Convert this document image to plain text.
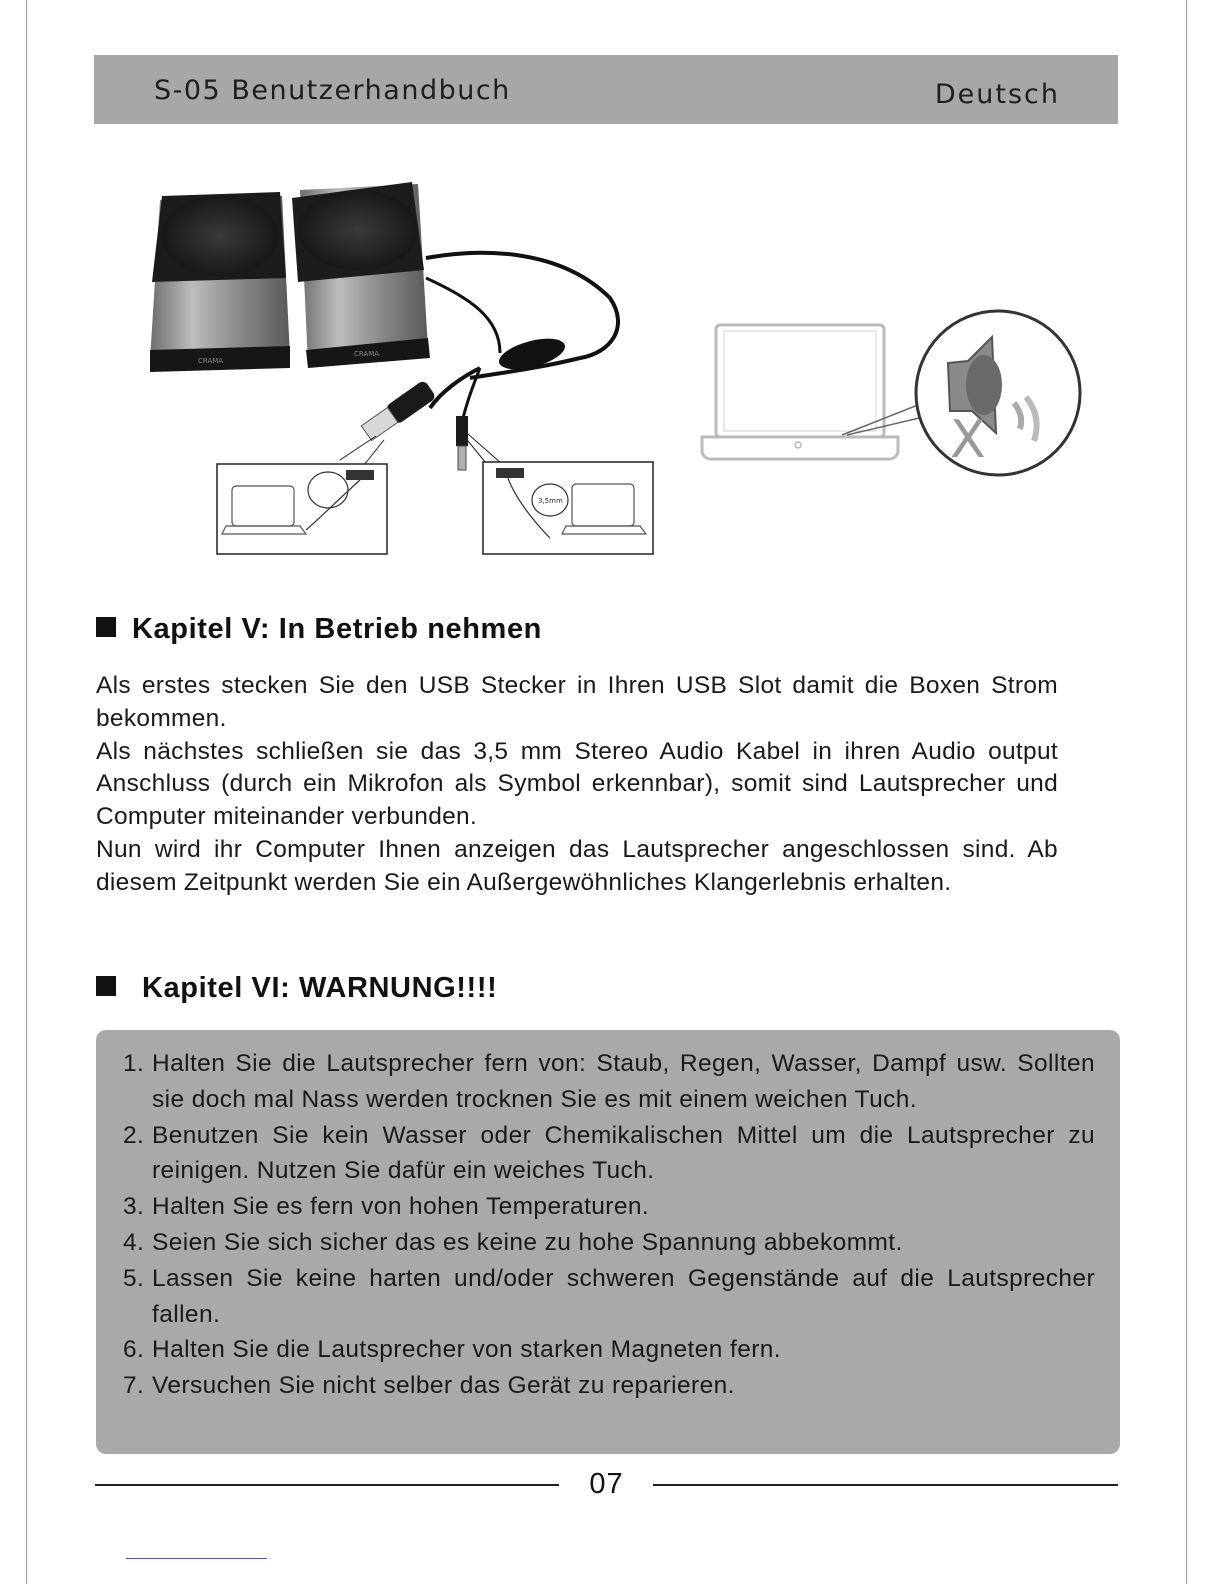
S-05 Benutzerhandbuch	Deutsch
CRAMA
CRAMA
3,5mm
X
Kapitel V: In Betrieb nehmen

Als erstes stecken Sie den USB Stecker in Ihren USB Slot damit die Boxen Strom bekommen.

Als nächstes schließen sie das 3,5 mm Stereo Audio Kabel in ihren Audio output Anschluss (durch ein Mikrofon als Symbol erkennbar), somit sind Lautsprecher und Computer miteinander verbunden.

Nun wird ihr Computer Ihnen anzeigen das Lautsprecher angeschlossen sind. Ab diesem Zeitpunkt werden Sie ein Außergewöhnliches Klangerlebnis erhalten.

Kapitel VI: WARNUNG!!!!
1. Halten Sie die Lautsprecher fern von: Staub, Regen, Wasser, Dampf usw. Sollten sie doch mal Nass werden trocknen Sie es mit einem weichen Tuch.
2. Benutzen Sie kein Wasser oder Chemikalischen Mittel um die Lautsprecher zu reinigen. Nutzen Sie dafür ein weiches Tuch.
3. Halten Sie es fern von hohen Temperaturen.
4. Seien Sie sich sicher das es keine zu hohe Spannung abbekommt.
5. Lassen Sie keine harten und/oder schweren Gegenstände auf die Lautsprecher fallen.
6. Halten Sie die Lautsprecher von starken Magneten fern.
7. Versuchen Sie nicht selber das Gerät zu reparieren.
07
